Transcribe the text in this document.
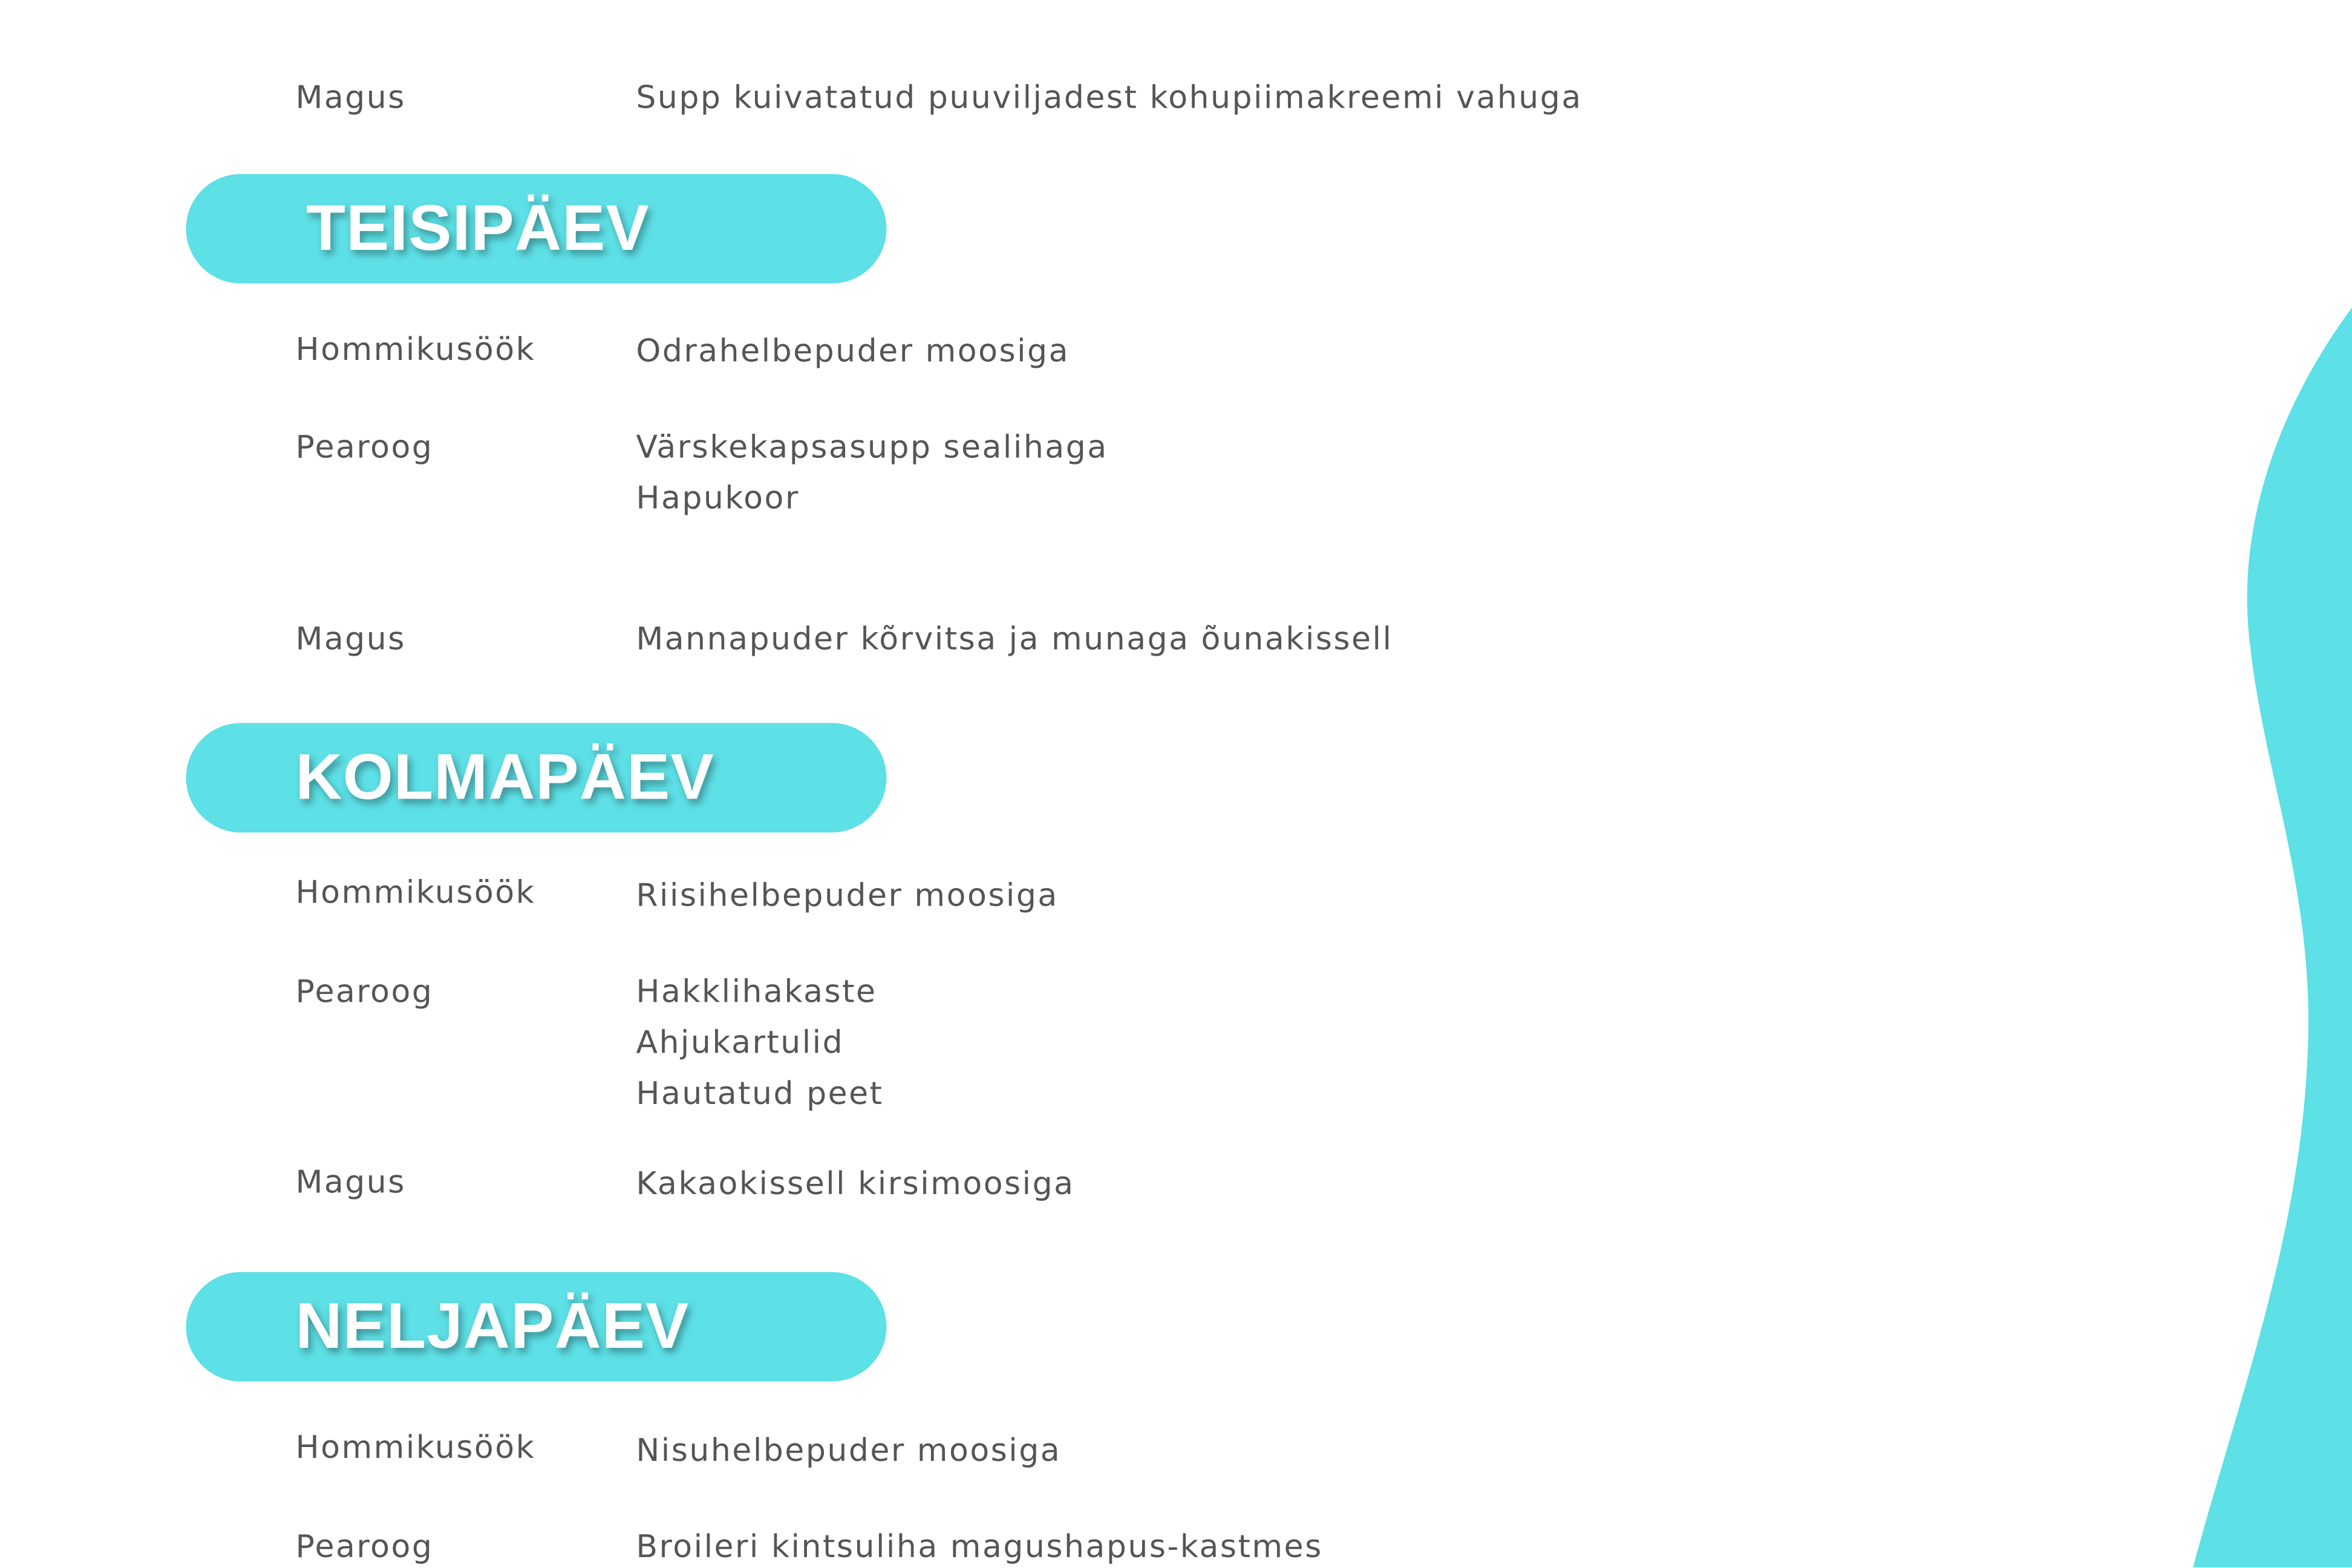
Magus	Supp kuivatatud puuviljadest kohupiimakreemi vahuga
TEISIPÄEV
Hommikusöök	Odrahelbepuder moosiga
Pearoog	Värskekapsasupp sealihaga
Hapukoor
Magus	Mannapuder kõrvitsa ja munaga õunakissell
KOLMAPÄEV
Hommikusöök	Riisihelbepuder moosiga
Pearoog	Hakklihakaste
Ahjukartulid
Hautatud peet
Magus	Kakaokissell kirsimoosiga
NELJAPÄEV
Hommikusöök	Nisuhelbepuder moosiga
Pearoog	Broileri kintsuliha magushapus-kastmes
